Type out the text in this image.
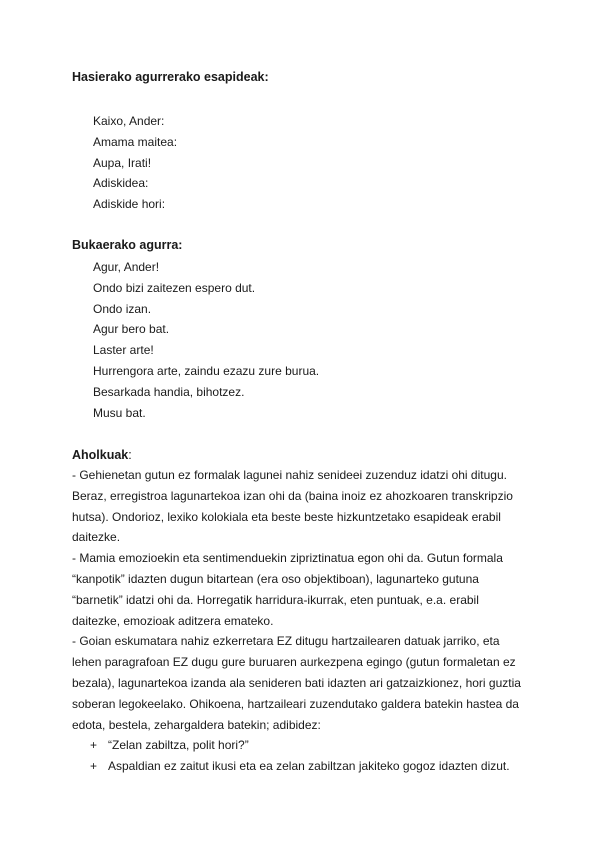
Hasierako agurrerako esapideak:
Kaixo, Ander:
Amama maitea:
Aupa, Irati!
Adiskidea:
Adiskide hori:
Bukaerako agurra:
Agur, Ander!
Ondo bizi zaitezen espero dut.
Ondo izan.
Agur bero bat.
Laster arte!
Hurrengora arte, zaindu ezazu zure burua.
Besarkada handia, bihotzez.
Musu bat.
Aholkuak:
- Gehienetan gutun ez formalak lagunei nahiz senideei zuzenduz idatzi ohi ditugu.
Beraz, erregistroa lagunartekoa izan ohi da (baina inoiz ez ahozkoaren transkripzio
hutsa). Ondorioz, lexiko kolokiala eta beste beste hizkuntzetako esapideak erabil
daitezke.
- Mamia emozioekin eta sentimenduekin zipriztinatua egon ohi da. Gutun formala
“kanpotik” idazten dugun bitartean (era oso objektiboan), lagunarteko gutuna
“barnetik” idatzi ohi da. Horregatik harridura-ikurrak, eten puntuak, e.a. erabil
daitezke, emozioak aditzera emateko.
- Goian eskumatara nahiz ezkerretara EZ ditugu hartzailearen datuak jarriko, eta
lehen paragrafoan EZ dugu gure buruaren aurkezpena egingo (gutun formaletan ez
bezala), lagunartekoa izanda ala senideren bati idazten ari gatzaizkionez, hori guztia
soberan legokeelako. Ohikoena, hartzaileari zuzendutako galdera batekin hastea da
edota, bestela, zehargaldera batekin; adibidez:
+ “Zelan zabiltza, polit hori?”
+ Aspaldian ez zaitut ikusi eta ea zelan zabiltzan jakiteko gogoz idazten dizut.
